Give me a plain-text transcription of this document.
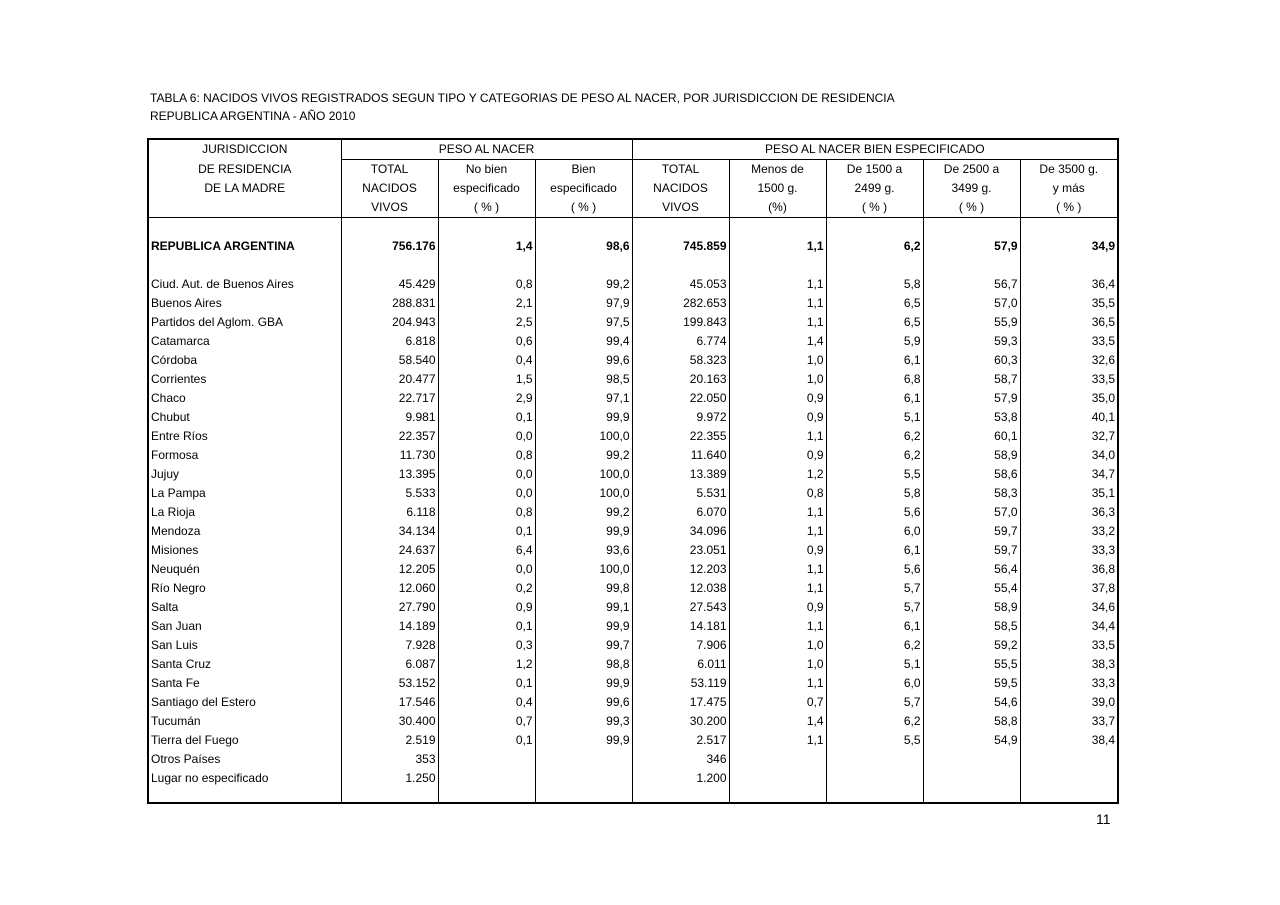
TABLA 6: NACIDOS VIVOS REGISTRADOS SEGUN TIPO Y CATEGORIAS DE PESO AL NACER, POR JURISDICCION DE RESIDENCIA
REPUBLICA ARGENTINA - AÑO 2010
JURISDICCION	PESO AL NACER			PESO AL NACER BIEN ESPECIFICADO				
DE RESIDENCIA	TOTAL	No bien	Bien	TOTAL	Menos de	De 1500 a	De 2500 a	De 3500 g.
DE LA MADRE	NACIDOS	especificado	especificado	NACIDOS	1500 g.	2499 g.	3499 g.	y más
	VIVOS	( % )	( % )	VIVOS	(%)	( % )	( % )	( % )

REPUBLICA ARGENTINA	756.176	1,4	98,6	745.859	1,1	6,2	57,9	34,9

Ciud. Aut. de Buenos Aires	45.429	0,8	99,2	45.053	1,1	5,8	56,7	36,4
Buenos Aires	288.831	2,1	97,9	282.653	1,1	6,5	57,0	35,5
Partidos del Aglom. GBA	204.943	2,5	97,5	199.843	1,1	6,5	55,9	36,5
Catamarca	6.818	0,6	99,4	6.774	1,4	5,9	59,3	33,5
Córdoba	58.540	0,4	99,6	58.323	1,0	6,1	60,3	32,6
Corrientes	20.477	1,5	98,5	20.163	1,0	6,8	58,7	33,5
Chaco	22.717	2,9	97,1	22.050	0,9	6,1	57,9	35,0
Chubut	9.981	0,1	99,9	9.972	0,9	5,1	53,8	40,1
Entre Ríos	22.357	0,0	100,0	22.355	1,1	6,2	60,1	32,7
Formosa	11.730	0,8	99,2	11.640	0,9	6,2	58,9	34,0
Jujuy	13.395	0,0	100,0	13.389	1,2	5,5	58,6	34,7
La Pampa	5.533	0,0	100,0	5.531	0,8	5,8	58,3	35,1
La Rioja	6.118	0,8	99,2	6.070	1,1	5,6	57,0	36,3
Mendoza	34.134	0,1	99,9	34.096	1,1	6,0	59,7	33,2
Misiones	24.637	6,4	93,6	23.051	0,9	6,1	59,7	33,3
Neuquén	12.205	0,0	100,0	12.203	1,1	5,6	56,4	36,8
Río Negro	12.060	0,2	99,8	12.038	1,1	5,7	55,4	37,8
Salta	27.790	0,9	99,1	27.543	0,9	5,7	58,9	34,6
San Juan	14.189	0,1	99,9	14.181	1,1	6,1	58,5	34,4
San Luis	7.928	0,3	99,7	7.906	1,0	6,2	59,2	33,5
Santa Cruz	6.087	1,2	98,8	6.011	1,0	5,1	55,5	38,3
Santa Fe	53.152	0,1	99,9	53.119	1,1	6,0	59,5	33,3
Santiago del Estero	17.546	0,4	99,6	17.475	0,7	5,7	54,6	39,0
Tucumán	30.400	0,7	99,3	30.200	1,4	6,2	58,8	33,7
Tierra del Fuego	2.519	0,1	99,9	2.517	1,1	5,5	54,9	38,4
Otros Países	353			346				
Lugar no especificado	1.250			1.200				

11
